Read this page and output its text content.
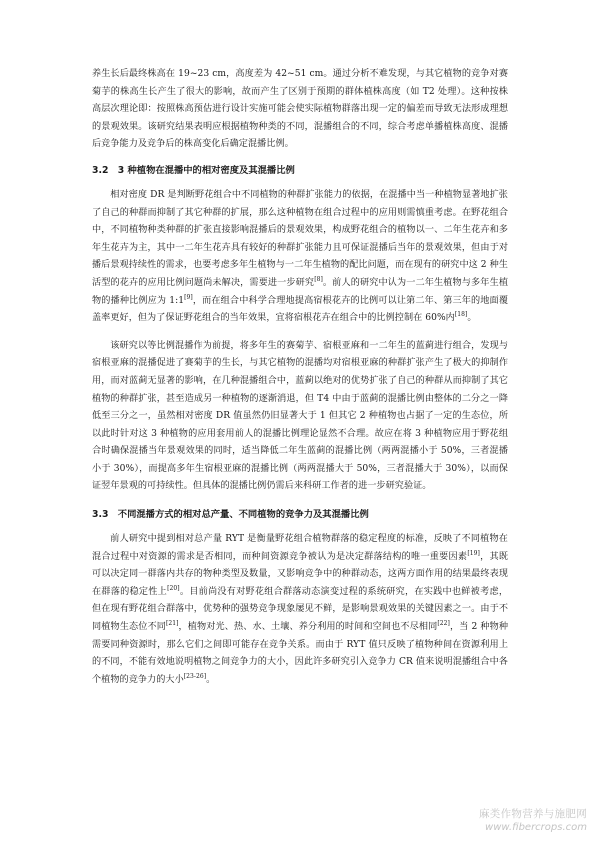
养生长后最终株高在 19~23 cm，高度差为 42~51 cm。通过分析不难发现，与其它植物的竞争对赛菊芋的株高生长产生了很大的影响，故而产生了区别于预期的群体植株高度（如 T2 处理）。这种按株高层次理论即：按照株高预估进行设计实施可能会使实际植物群落出现一定的偏差而导致无法形成理想的景观效果。该研究结果表明应根据植物种类的不同，混播组合的不同，综合考虑单播植株高度、混播后竞争能力及竞争后的株高变化后确定混播比例。

3.2　3 种植物在混播中的相对密度及其混播比例

相对密度 DR 是判断野花组合中不同植物的种群扩张能力的依据，在混播中当一种植物显著地扩张了自己的种群而抑制了其它种群的扩展，那么这种植物在组合过程中的应用则需慎重考虑。在野花组合中，不同植物种类种群的扩张直接影响混播后的景观效果，构成野花组合的植物以一、二年生花卉和多年生花卉为主，其中一二年生花卉具有较好的种群扩张能力且可保证混播后当年的景观效果，但由于对播后景观持续性的需求，也要考虑多年生植物与一二年生植物的配比问题，而在现有的研究中这 2 种生活型的花卉的应用比例问题尚未解决，需要进一步研究[8]。前人的研究中认为一二年生植物与多年生植物的播种比例应为 1:1[9]，而在组合中科学合理地提高宿根花卉的比例可以让第二年、第三年的地面覆盖率更好，但为了保证野花组合的当年效果，宜将宿根花卉在组合中的比例控制在 60%内[18]。

该研究以等比例混播作为前提，将多年生的赛菊芋、宿根亚麻和一二年生的蓝蓟进行组合，发现与宿根亚麻的混播促进了赛菊芋的生长，与其它植物的混播均对宿根亚麻的种群扩张产生了极大的抑制作用，而对蓝蓟无显著的影响，在几种混播组合中，蓝蓟以绝对的优势扩张了自己的种群从而抑制了其它植物的种群扩张，甚至造成另一种植物的逐渐消退，但 T4 中由于蓝蓟的混播比例由整体的二分之一降低至三分之一，虽然相对密度 DR 值虽然仍旧显著大于 1 但其它 2 种植物也占据了一定的生态位，所以此时针对这 3 种植物的应用套用前人的混播比例理论显然不合理。故应在将 3 种植物应用于野花组合时确保混播当年景观效果的同时，适当降低二年生蓝蓟的混播比例（两两混播小于 50%，三者混播小于 30%），而提高多年生宿根亚麻的混播比例（两两混播大于 50%，三者混播大于 30%），以而保证翌年景观的可持续性。但具体的混播比例仍需后来科研工作者的进一步研究验证。

3.3　不同混播方式的相对总产量、不同植物的竞争力及其混播比例

前人研究中提到相对总产量 RYT 是衡量野花组合植物群落的稳定程度的标准，反映了不同植物在混合过程中对资源的需求是否相同，而种间资源竞争被认为是决定群落结构的唯一重要因素[19]，其既可以决定同一群落内共存的物种类型及数量，又影响竞争中的种群动态，这两方面作用的结果最终表现在群落的稳定性上[20]。目前尚没有对野花组合群落动态演变过程的系统研究，在实践中也鲜被考虑，但在现有野花组合群落中，优势种的强势竞争现象屡见不鲜，是影响景观效果的关键因素之一。由于不同植物生态位不同[21]，植物对光、热、水、土壤、养分利用的时间和空间也不尽相同[22]，当 2 种物种需要同种资源时，那么它们之间即可能存在竞争关系。而由于 RYT 值只反映了植物种间在资源利用上的不同，不能有效地说明植物之间竞争力的大小，因此许多研究引入竞争力 CR 值来说明混播组合中各个植物的竞争力的大小[23-26]。

麻类作物营养与施肥网
www.fibercrops.com
